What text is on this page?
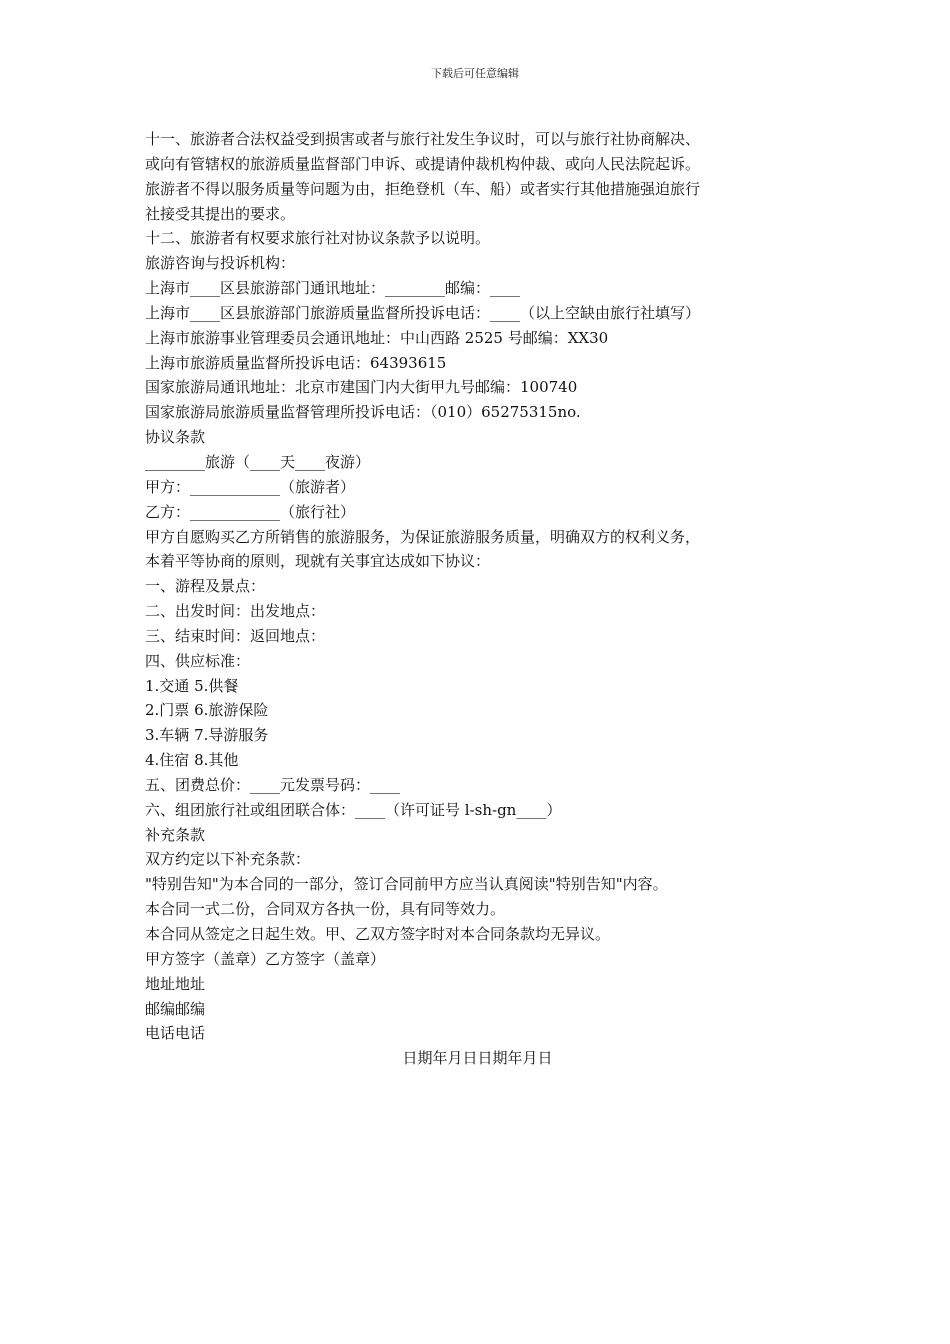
下载后可任意编辑
十一、旅游者合法权益受到损害或者与旅行社发生争议时，可以与旅行社协商解决、
或向有管辖权的旅游质量监督部门申诉、或提请仲裁机构仲裁、或向人民法院起诉。
旅游者不得以服务质量等问题为由，拒绝登机（车、船）或者实行其他措施强迫旅行
社接受其提出的要求。
十二、旅游者有权要求旅行社对协议条款予以说明。
旅游咨询与投诉机构：
上海市____区县旅游部门通讯地址：________邮编：____
上海市____区县旅游部门旅游质量监督所投诉电话：____（以上空缺由旅行社填写）
上海市旅游事业管理委员会通讯地址：中山西路 2525 号邮编：XX30
上海市旅游质量监督所投诉电话：64393615
国家旅游局通讯地址：北京市建国门内大街甲九号邮编：100740
国家旅游局旅游质量监督管理所投诉电话：（010）65275315no.
协议条款
________旅游（____天____夜游）
甲方：____________（旅游者）
乙方：____________（旅行社）
甲方自愿购买乙方所销售的旅游服务，为保证旅游服务质量，明确双方的权利义务，
本着平等协商的原则，现就有关事宜达成如下协议：
一、游程及景点：
二、出发时间：出发地点：
三、结束时间：返回地点：
四、供应标准：
1.交通 5.供餐
2.门票 6.旅游保险
3.车辆 7.导游服务
4.住宿 8.其他
五、团费总价：____元发票号码：____
六、组团旅行社或组团联合体：____（许可证号 l-sh-gn____）
补充条款
双方约定以下补充条款：
"特别告知"为本合同的一部分，签订合同前甲方应当认真阅读"特别告知"内容。
本合同一式二份，合同双方各执一份，具有同等效力。
本合同从签定之日起生效。甲、乙双方签字时对本合同条款均无异议。
甲方签字（盖章）乙方签字（盖章）
地址地址
邮编邮编
电话电话
日期年月日日期年月日
